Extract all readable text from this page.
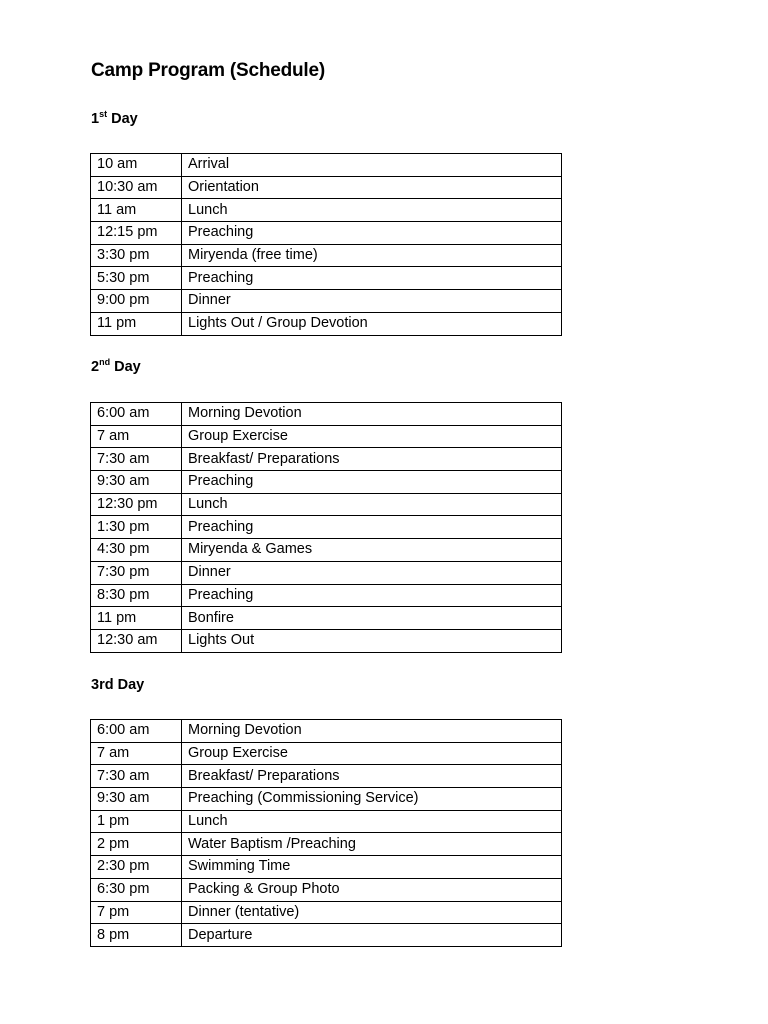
Camp Program (Schedule)
1st Day
10 am	Arrival
10:30 am	Orientation
11 am	Lunch
12:15 pm	Preaching
3:30 pm	Miryenda (free time)
5:30 pm	Preaching
9:00 pm	Dinner
11 pm	Lights Out / Group Devotion
2nd Day
6:00 am	Morning Devotion
7 am	Group Exercise
7:30 am	Breakfast/ Preparations
9:30 am	Preaching
12:30 pm	Lunch
1:30 pm	Preaching
4:30 pm	Miryenda & Games
7:30 pm	Dinner
8:30 pm	Preaching
11 pm	Bonfire
12:30 am	Lights Out
3rd Day
6:00 am	Morning Devotion
7 am	Group Exercise
7:30 am	Breakfast/ Preparations
9:30 am	Preaching (Commissioning Service)
1 pm	Lunch
2 pm	Water Baptism /Preaching
2:30 pm	Swimming Time
6:30 pm	Packing & Group Photo
7 pm	Dinner (tentative)
8 pm	Departure
